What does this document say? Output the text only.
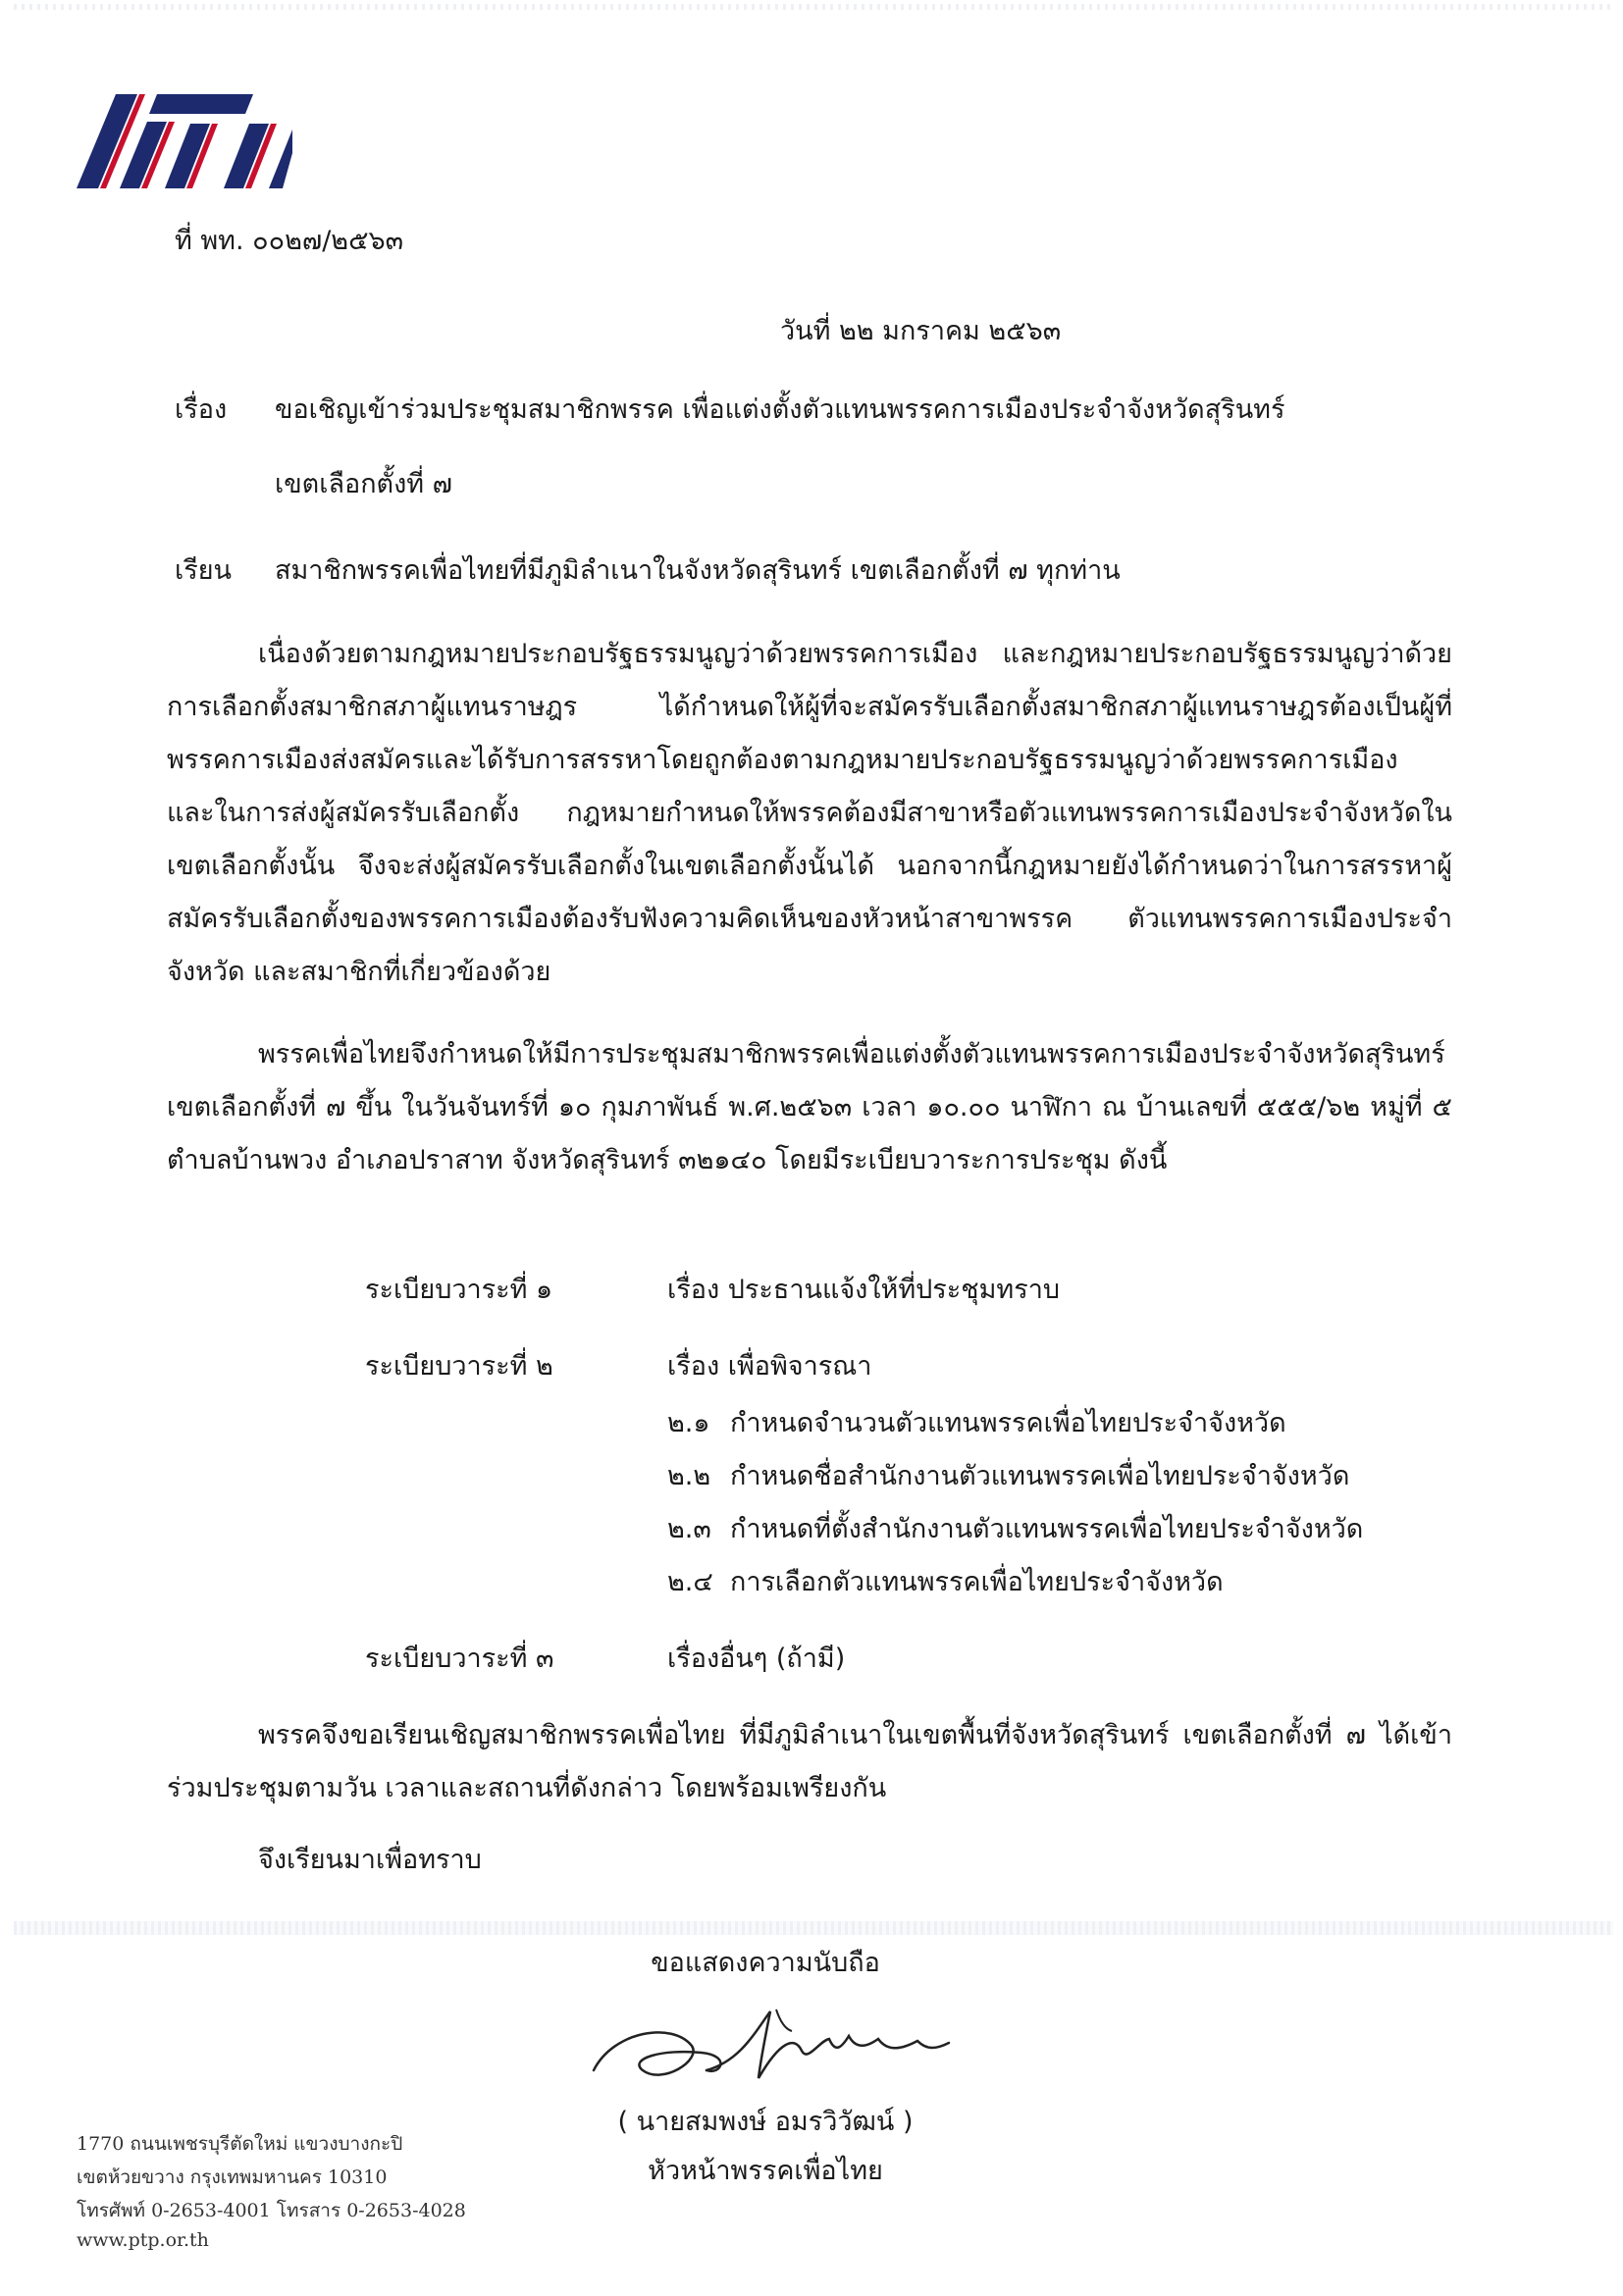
ที่ พท. ๐๐๒๗/๒๕๖๓
วันที่ ๒๒ มกราคม ๒๕๖๓
เรื่อง ขอเชิญเข้าร่วมประชุมสมาชิกพรรค เพื่อแต่งตั้งตัวแทนพรรคการเมืองประจำจังหวัดสุรินทร์
เขตเลือกตั้งที่ ๗
เรียน สมาชิกพรรคเพื่อไทยที่มีภูมิลำเนาในจังหวัดสุรินทร์ เขตเลือกตั้งที่ ๗ ทุกท่าน
เนื่องด้วยตามกฎหมายประกอบรัฐธรรมนูญว่าด้วยพรรคการเมือง และกฎหมายประกอบรัฐธรรมนูญว่าด้วยการเลือกตั้งสมาชิกสภาผู้แทนราษฎร ได้กำหนดให้ผู้ที่จะสมัครรับเลือกตั้งสมาชิกสภาผู้แทนราษฎรต้องเป็นผู้ที่พรรคการเมืองส่งสมัครและได้รับการสรรหาโดยถูกต้องตามกฎหมายประกอบรัฐธรรมนูญว่าด้วยพรรคการเมือง และในการส่งผู้สมัครรับเลือกตั้ง กฎหมายกำหนดให้พรรคต้องมีสาขาหรือตัวแทนพรรคการเมืองประจำจังหวัดในเขตเลือกตั้งนั้น จึงจะส่งผู้สมัครรับเลือกตั้งในเขตเลือกตั้งนั้นได้ นอกจากนี้กฎหมายยังได้กำหนดว่าในการสรรหาผู้สมัครรับเลือกตั้งของพรรคการเมืองต้องรับฟังความคิดเห็นของหัวหน้าสาขาพรรค ตัวแทนพรรคการเมืองประจำจังหวัด และสมาชิกที่เกี่ยวข้องด้วย
พรรคเพื่อไทยจึงกำหนดให้มีการประชุมสมาชิกพรรคเพื่อแต่งตั้งตัวแทนพรรคการเมืองประจำจังหวัดสุรินทร์ เขตเลือกตั้งที่ ๗ ขึ้น ในวันจันทร์ที่ ๑๐ กุมภาพันธ์ พ.ศ.๒๕๖๓ เวลา ๑๐.๐๐ นาฬิกา ณ บ้านเลขที่ ๕๕๕/๖๒ หมู่ที่ ๕ ตำบลบ้านพวง อำเภอปราสาท จังหวัดสุรินทร์ ๓๒๑๔๐ โดยมีระเบียบวาระการประชุม ดังนี้
ระเบียบวาระที่ ๑	เรื่อง ประธานแจ้งให้ที่ประชุมทราบ
ระเบียบวาระที่ ๒	เรื่อง เพื่อพิจารณา
๒.๑ กำหนดจำนวนตัวแทนพรรคเพื่อไทยประจำจังหวัด
๒.๒ กำหนดชื่อสำนักงานตัวแทนพรรคเพื่อไทยประจำจังหวัด
๒.๓ กำหนดที่ตั้งสำนักงานตัวแทนพรรคเพื่อไทยประจำจังหวัด
๒.๔ การเลือกตัวแทนพรรคเพื่อไทยประจำจังหวัด
ระเบียบวาระที่ ๓	เรื่องอื่นๆ (ถ้ามี)
พรรคจึงขอเรียนเชิญสมาชิกพรรคเพื่อไทย ที่มีภูมิลำเนาในเขตพื้นที่จังหวัดสุรินทร์ เขตเลือกตั้งที่ ๗ ได้เข้าร่วมประชุมตามวัน เวลาและสถานที่ดังกล่าว โดยพร้อมเพรียงกัน
จึงเรียนมาเพื่อทราบ
ขอแสดงความนับถือ
( นายสมพงษ์ อมรวิวัฒน์ )
หัวหน้าพรรคเพื่อไทย
1770 ถนนเพชรบุรีตัดใหม่ แขวงบางกะปิ
เขตห้วยขวาง กรุงเทพมหานคร 10310
โทรศัพท์ 0-2653-4001 โทรสาร 0-2653-4028
www.ptp.or.th
